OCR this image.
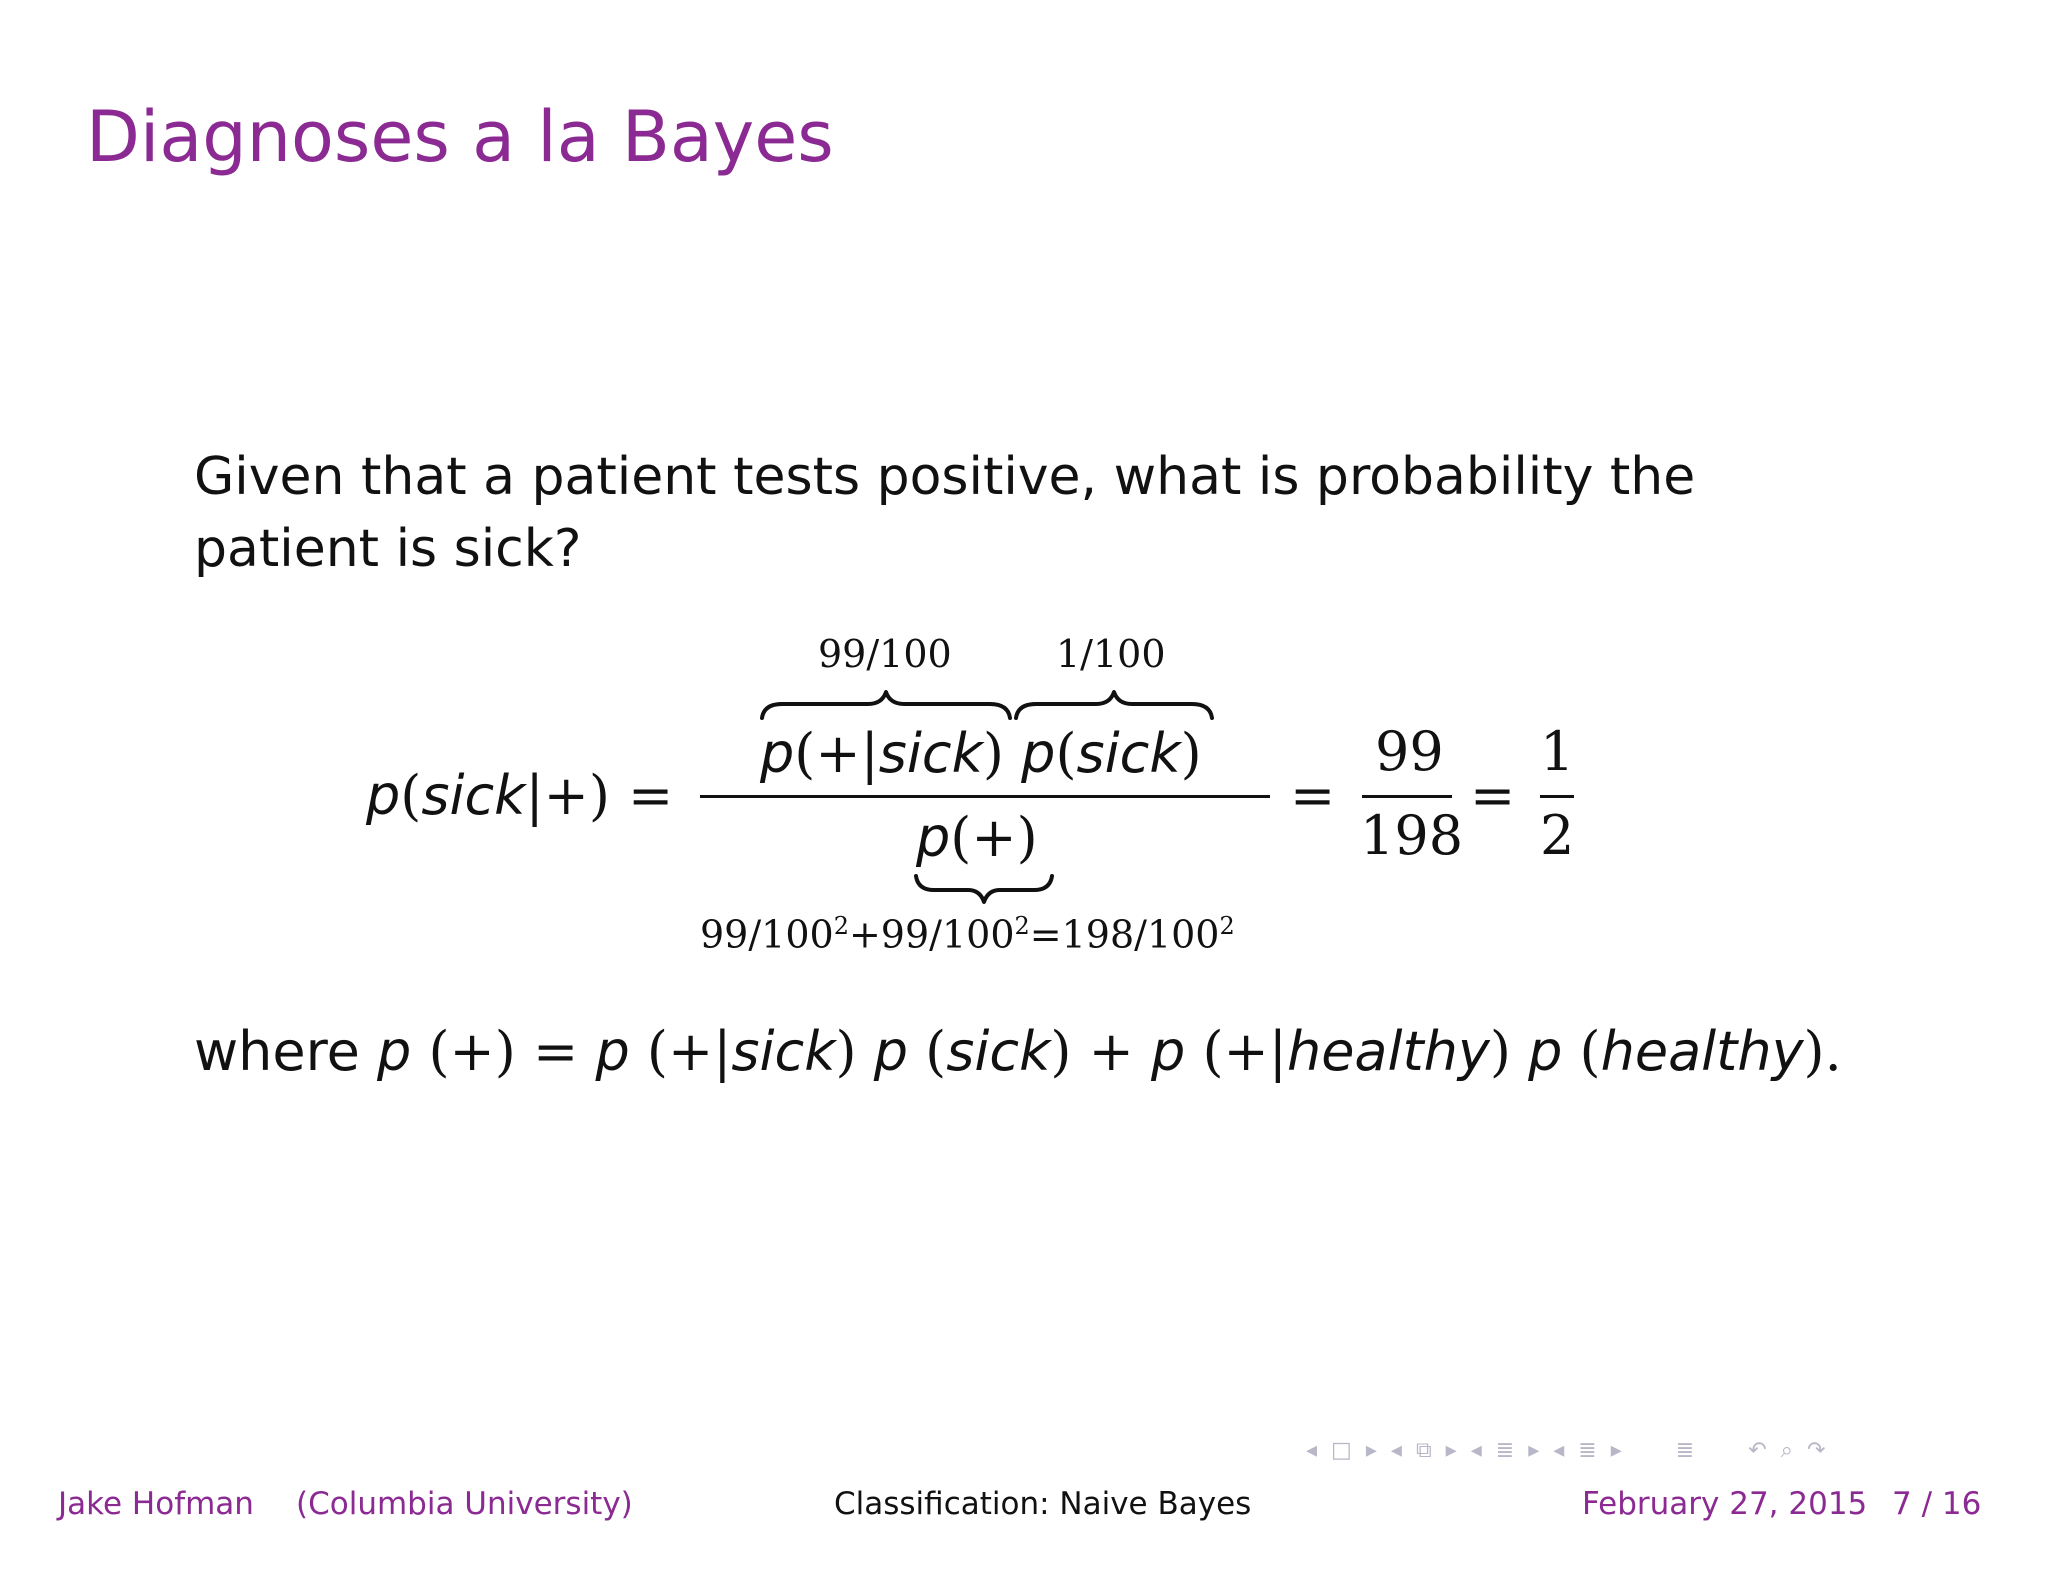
Diagnoses a la Bayes
Given that a patient tests positive, what is probability the patient is sick?
p(sick|+) =
99/100	1/100
p(+|sick) p(sick)
p(+)
$99/100^2+99/100^2=198/100^2$
=
99
198
=
1
2
where p (+) = p (+|sick) p (sick) + p (+|healthy) p (healthy).
◂ □ ▸ ◂ ⧉ ▸ ◂ ≣ ▸ ◂ ≣ ▸ ≣ ↶ ⌕ ↷
Jake Hofman (Columbia University)	Classification: Naive Bayes	February 27, 2015 7 / 16
